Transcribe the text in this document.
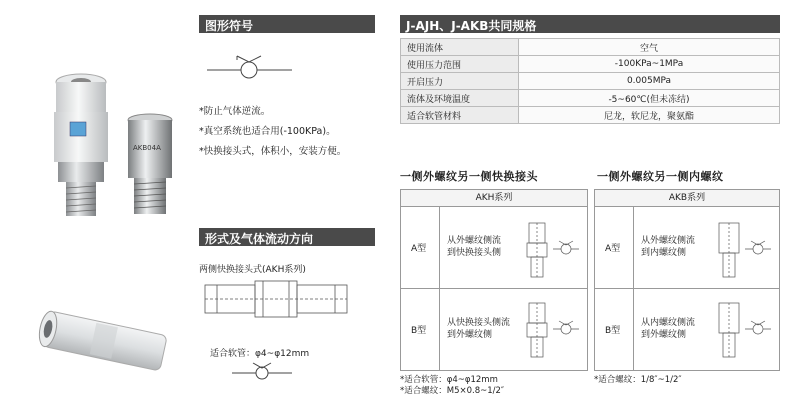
AKB04A
图形符号
*防止气体逆流。
*真空系统也适合用(-100KPa)。
*快换接头式，体积小，安装方便。
形式及气体流动方向
两侧快换接头式(AKH系列)
适合软管：φ4~φ12mm
J-AJH、J-AKB共同规格
使用流体	空气
使用压力范围	-100KPa~1MPa
开启压力	0.005MPa
流体及环境温度	-5~60℃(但未冻结)
适合软管材料	尼龙，软尼龙，聚氨酯
一侧外螺纹另一侧快换接头
AKH系列
A型
从外螺纹侧流
到快换接头侧
B型
从快换接头侧流
到外螺纹侧
*适合软管：φ4~φ12mm
*适合螺纹：M5×0.8~1/2″
一侧外螺纹另一侧内螺纹
AKB系列
A型
从外螺纹侧流
到内螺纹侧
B型
从内螺纹侧流
到外螺纹侧
*适合螺纹：1/8″~1/2″
